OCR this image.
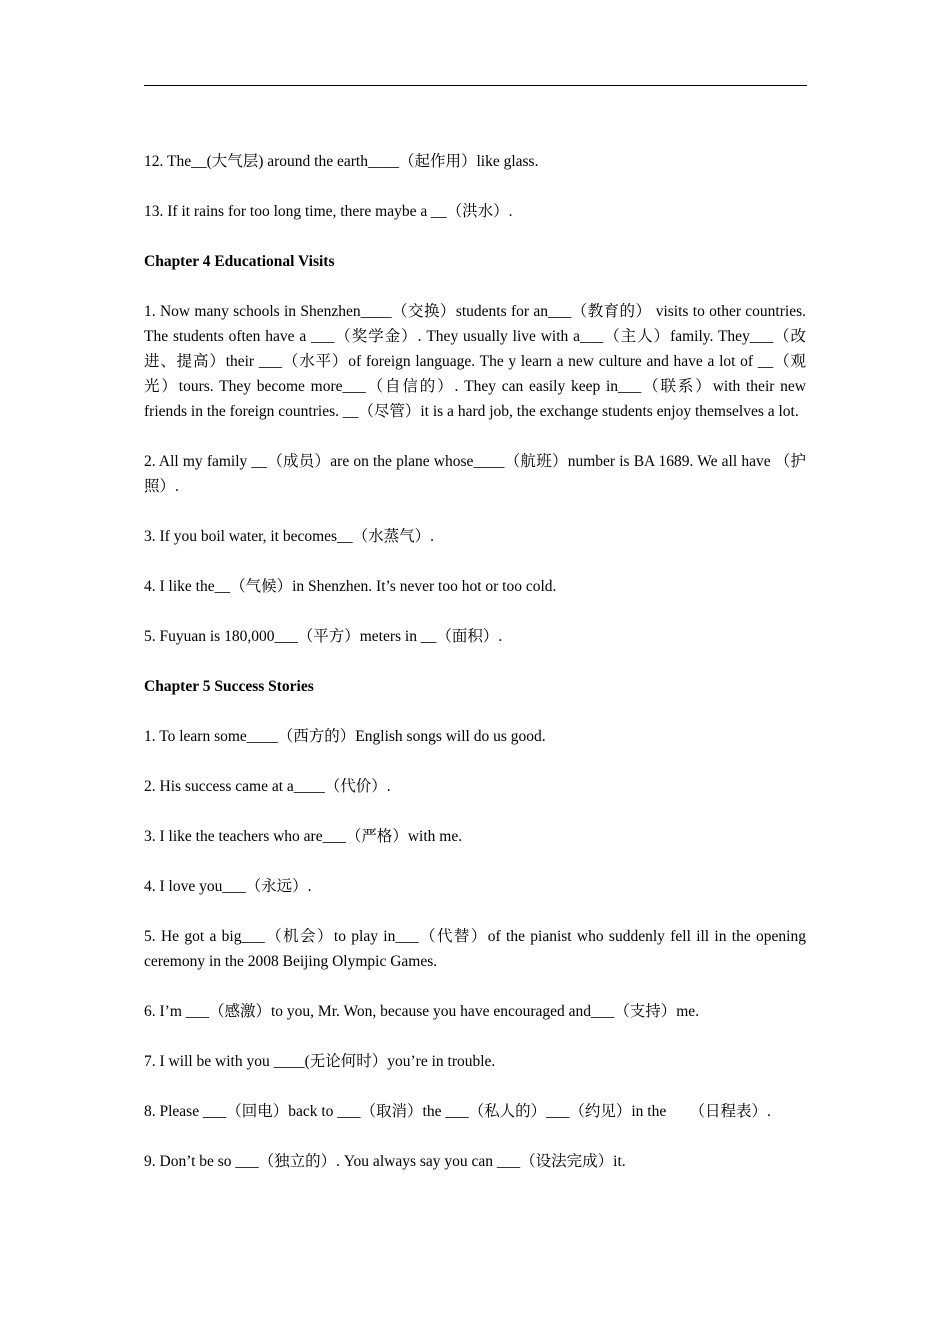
12. The__(大气层) around the earth____（起作用）like glass.

13. If it rains for too long time, there maybe a __（洪水）.

Chapter 4 Educational Visits

1. Now many schools in Shenzhen____（交换）students for an___（教育的） visits to other countries. The students often have a ___（奖学金）. They usually live with a___（主人）family. They___（改进、提高）their ___（水平）of foreign language. The y learn a new culture and have a lot of __（观光）tours. They become more___（自信的）. They can easily keep in___（联系）with their new friends in the foreign countries. __（尽管）it is a hard job, the exchange students enjoy themselves a lot.

2. All my family __（成员）are on the plane whose____（航班）number is BA 1689. We all have （护照）.

3. If you boil water, it becomes__（水蒸气）.

4. I like the__（气候）in Shenzhen. It’s never too hot or too cold.

5. Fuyuan is 180,000___（平方）meters in __（面积）.

Chapter 5 Success Stories

1. To learn some____（西方的）English songs will do us good.

2. His success came at a____（代价）.

3. I like the teachers who are___（严格）with me.

4. I love you___（永远）.

5. He got a big___（机会）to play in___（代替）of the pianist who suddenly fell ill in the opening ceremony in the 2008 Beijing Olympic Games.

6. I’m ___（感激）to you, Mr. Won, because you have encouraged and___（支持）me.

7. I will be with you ____(无论何时）you’re in trouble.

8. Please ___（回电）back to ___（取消）the ___（私人的）___（约见）in the　　（日程表）.

9. Don’t be so ___（独立的）. You always say you can ___（设法完成）it.
